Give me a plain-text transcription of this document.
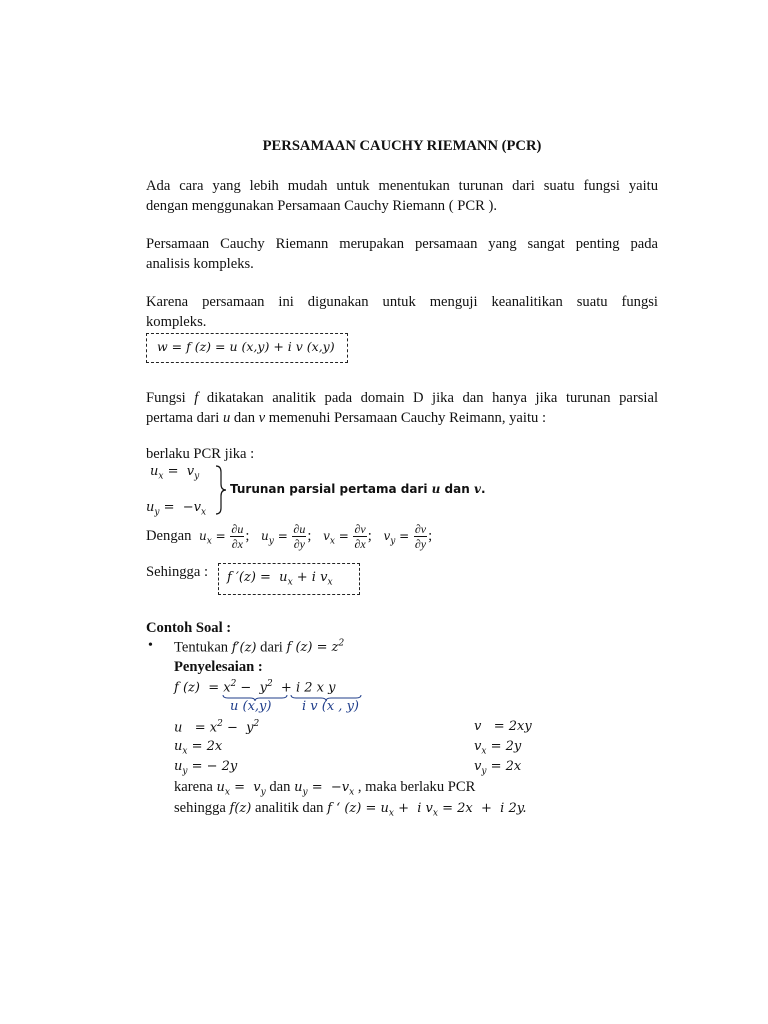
PERSAMAAN CAUCHY RIEMANN (PCR)
Ada cara yang lebih mudah untuk menentukan turunan dari suatu fungsi yaitu
dengan menggunakan Persamaan Cauchy Riemann ( PCR ).
Persamaan Cauchy Riemann merupakan persamaan yang sangat penting pada
analisis kompleks.
Karena persamaan ini digunakan untuk menguji keanalitikan suatu fungsi
kompleks.
w = f (z) = u (x,y) + i v (x,y)
Fungsi f dikatakan analitik pada domain D jika dan hanya jika turunan parsial
pertama dari u dan v memenuhi Persamaan Cauchy Reimann, yaitu :
berlaku PCR jika :
$u_x = v_y$
$u_y = -v_x$
Turunan parsial pertama dari u dan v.
Dengan $u_x = \frac{\partial u}{\partial x}$ ; $u_y = \frac{\partial u}{\partial y}$ ; $v_x = \frac{\partial v}{\partial x}$ ; $v_y = \frac{\partial v}{\partial y}$ ;
Sehingga : f $'(z) = u_x + i$ $v_x$
Contoh Soal :
• Tentukan f′(z) dari f $(z) = z^2$
Penyelesaian :
f $(z) = x^2 - y^2 + i$ 2 x y
u (x,y) i v (x , y)
$u = x^2 - y^2$	v   = 2xy
$u_x = 2x$	$v_x = 2y$
$u_y$ = − 2y	$v_y = 2x$
karena $u_x = v_y$ dan $u_y = -v_x$ , maka berlaku PCR
sehingga f(z) analitik dan f ‘ $(z) = u_x + i$ $v_x = 2x + i$ 2y.
